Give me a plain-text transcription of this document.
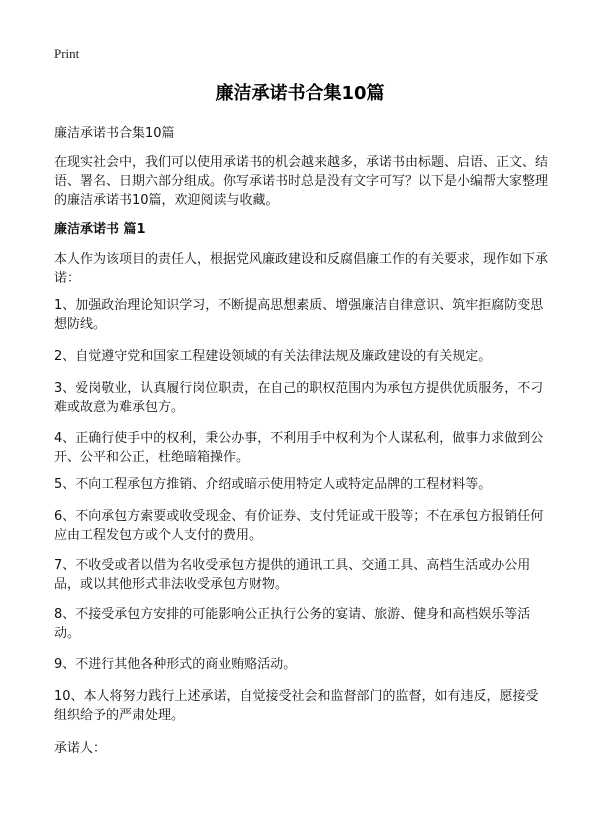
Print
廉洁承诺书合集10篇
廉洁承诺书合集10篇
在现实社会中，我们可以使用承诺书的机会越来越多，承诺书由标题、启语、正文、结语、署名、日期六部分组成。你写承诺书时总是没有文字可写？以下是小编帮大家整理的廉洁承诺书10篇，欢迎阅读与收藏。
廉洁承诺书 篇1
本人作为该项目的责任人，根据党风廉政建设和反腐倡廉工作的有关要求，现作如下承诺：
1、加强政治理论知识学习，不断提高思想素质、增强廉洁自律意识、筑牢拒腐防变思想防线。
2、自觉遵守党和国家工程建设领域的有关法律法规及廉政建设的有关规定。
3、爱岗敬业，认真履行岗位职责，在自己的职权范围内为承包方提供优质服务，不刁难或故意为难承包方。
4、正确行使手中的权利，秉公办事，不利用手中权利为个人谋私利，做事力求做到公开、公平和公正，杜绝暗箱操作。
5、不向工程承包方推销、介绍或暗示使用特定人或特定品牌的工程材料等。
6、不向承包方索要或收受现金、有价证券、支付凭证或干股等；不在承包方报销任何应由工程发包方或个人支付的费用。
7、不收受或者以借为名收受承包方提供的通讯工具、交通工具、高档生活或办公用品，或以其他形式非法收受承包方财物。
8、不接受承包方安排的可能影响公正执行公务的宴请、旅游、健身和高档娱乐等活动。
9、不进行其他各种形式的商业贿赂活动。
10、本人将努力践行上述承诺，自觉接受社会和监督部门的监督，如有违反，愿接受组织给予的严肃处理。
承诺人：
